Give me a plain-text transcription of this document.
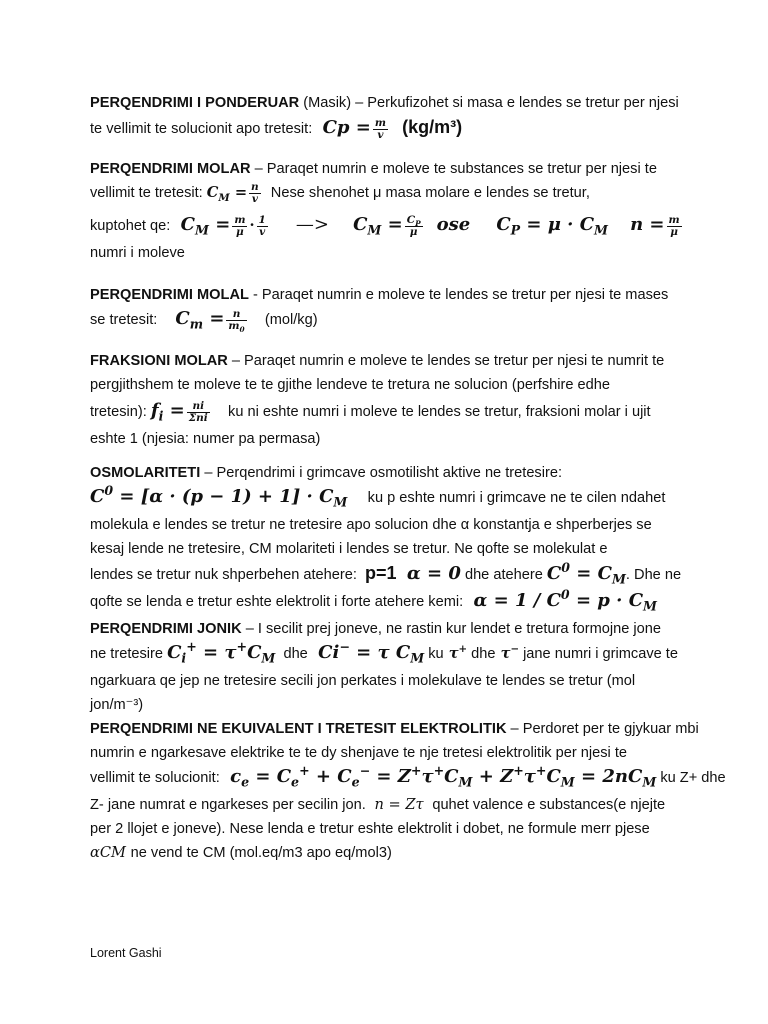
PERQENDRIMI I PONDERUAR (Masik) – Perkufizohet si masa e lendes se tretur per njesi
te vellimit te solucionit apo tretesit:  $Cp = \frac{m}{v} (kg/m^3)$
PERQENDRIMI MOLAR – Paraqet numrin e moleve te substances se tretur per njesi te
vellimit te tretesit: $C_M = \frac{n}{v}$ Nese shenohet μ masa molare e lendes se tretur,
kuptohet qe:  $C_M = \frac{m}{\mu} \cdot \frac{1}{v}$ —> $C_M = \frac{C_P}{\mu}$ ose $C_P = \mu \cdot C_M$ $n = \frac{m}{\mu}$
numri i moleve
PERQENDRIMI MOLAL - Paraqet numrin e moleve te lendes se tretur per njesi te mases
se tretesit: $C_m = \frac{n}{m_0} (mol/kg)$
FRAKSIONI MOLAR – Paraqet numrin e moleve te lendes se tretur per njesi te numrit te
pergjithshem te moleve te te gjithe lendeve te tretura ne solucion (perfshire edhe
tretesin): $f_i = \frac{ni}{\text{Σni}}$ ku ni eshte numri i moleve te lendes se tretur, fraksioni molar i ujit
eshte 1 (njesia: numer pa permasa)
OSMOLARITETI – Perqendrimi i grimcave osmotilisht aktive ne tretesire:
$C^0 = [\alpha \cdot (p - 1) + 1] \cdot C_M$ ku p eshte numri i grimcave ne te cilen ndahet
molekula e lendes se tretur ne tretesire apo solucion dhe α konstantja e shperberjes se
kesaj lende ne tretesire, CM molariteti i lendes se tretur. Ne qofte se molekulat e
lendes se tretur nuk shperbehen atehere: p=1  α = 0 dhe atehere $C^0 = C_M$. Dhe ne
qofte se lenda e tretur eshte elektrolit i forte atehere kemi:  $\alpha = 1 / C^0 = p \cdot C_M$
PERQENDRIMI JONIK – I secilit prej joneve, ne rastin kur lendet e tretura formojne jone
ne tretesire $C_i^+ = \tau^+C_M$ dhe  Ci− = τ $C_M$ ku τ+ dhe τ− jane numri i grimcave te
ngarkuara qe jep ne tretesire secili jon perkates i molekulave te lendes se tretur (mol
jon/m⁻³)
PERQENDRIMI NE EKUIVALENT I TRETESIT ELEKTROLITIK – Perdoret per te gjykuar mbi
numrin e ngarkesave elektrike te te dy shenjave te nje tretesi elektrolitik per njesi te
vellimit te solucionit:  $c_e = C_e^+ + C_e^- = Z^+\tau^+C_M + Z^+\tau^+C_M = 2nC_M$ ku Z+ dhe
Z- jane numrat e ngarkeses per secilin jon.  n = Zτ  quhet valence e substances(e njejte
per 2 llojet e joneve). Nese lenda e tretur eshte elektrolit i dobet, ne formule merr pjese
αCM ne vend te CM (mol.eq/m3 apo eq/mol3)
Lorent Gashi
